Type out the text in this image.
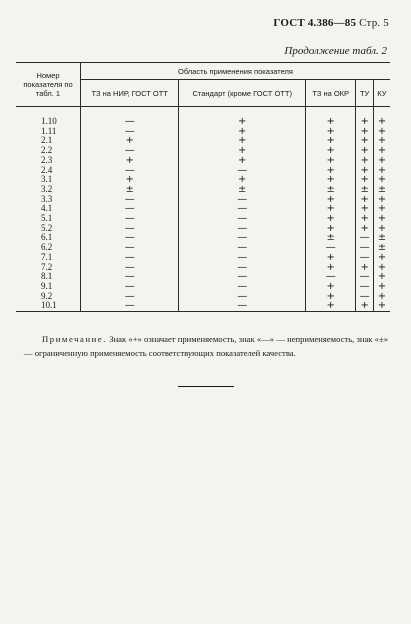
ГОСТ 4.386—85 Стр. 5
Продолжение табл. 2
Номер показателя по табл. 1	Область применения показателя				
	ТЗ на НИР, ГОСТ ОТТ	Стандарт (кроме ГОСТ ОТТ)	ТЗ на ОКР	ТУ	КУ

1.10	—	+	+	+	+
1.11	—	+	+	+	+
2.1	+	+	+	+	+
2.2	—	+	+	+	+
2.3	+	+	+	+	+
2.4	—	—	+	+	+
3.1	+	+	+	+	+
3.2	±	±	±	±	±
3.3	—	—	+	+	+
4.1	—	—	+	+	+
5.1	—	—	+	+	+
5.2	—	—	+	+	+
6.1	—	—	±	—	±
6.2	—	—	—	—	±
7.1	—	—	+	—	+
7.2	—	—	+	+	+
8.1	—	—	—	—	+
9.1	—	—	+	—	+
9.2	—	—	+	—	+
10.1	—	—	+	+	+
Примечание. Знак «+» означает применяемость, знак «—» — неприменяемость, знак «±» — ограниченную применяемость соответствующих показателей качества.
